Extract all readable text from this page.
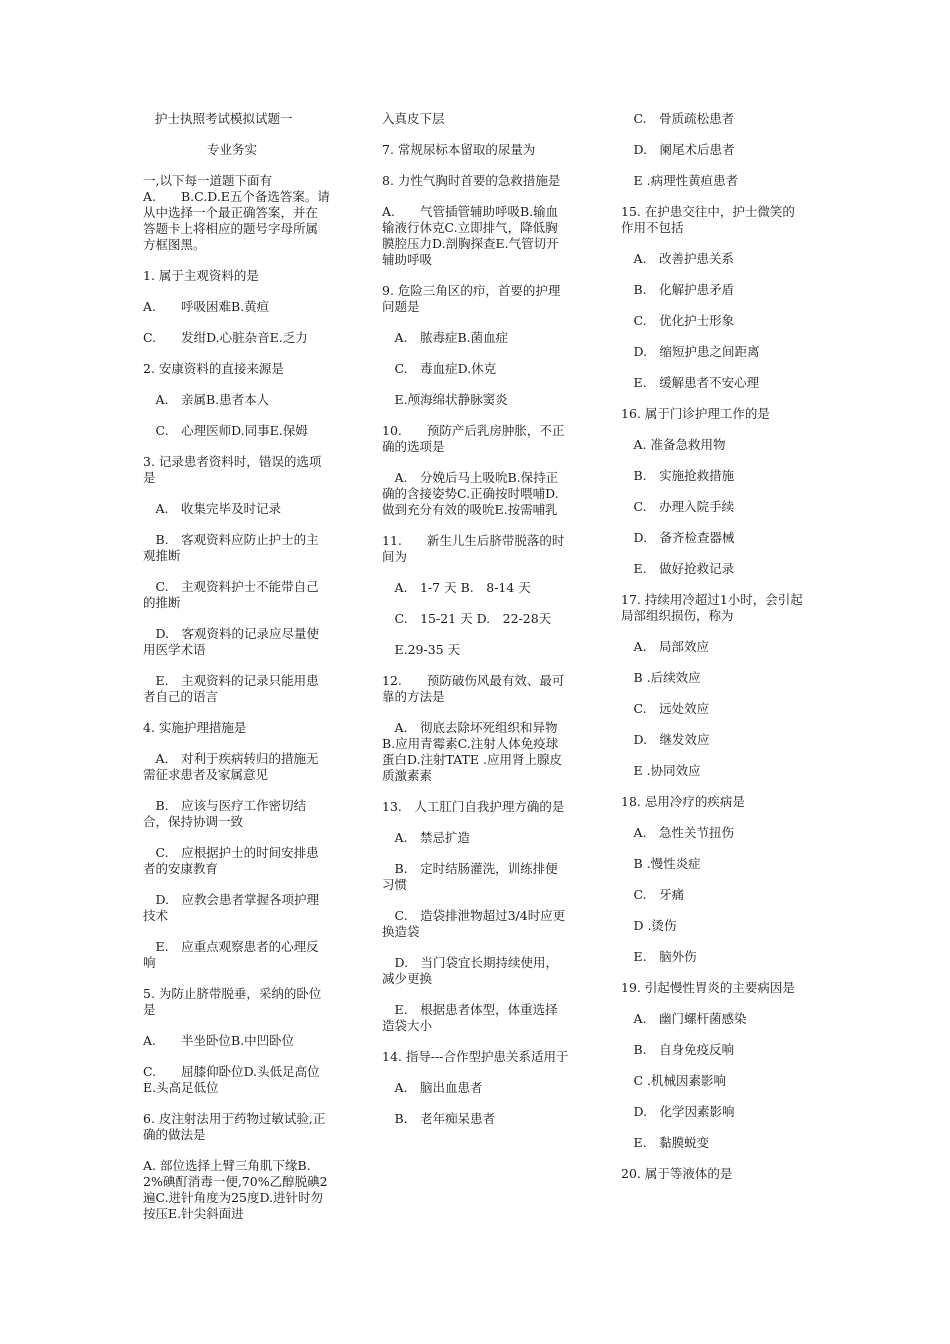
护士执照考试模拟试题一

专业务实

一,以下每一道题下面有
A.　　B.C.D.E五个备选答案。请从中选择一个最正确答案，并在答题卡上将相应的题号字母所属方框图黑。

1. 属于主观资料的是

A.　　呼吸困难B.黄疸

C.　　发绀D.心脏杂音E.乏力

2. 安康资料的直接来源是

　A.　亲属B.患者本人

　C.　心理医师D.同事E.保姆

3. 记录患者资料时，错误的选项是

　A.　收集完毕及时记录

　B.　客观资料应防止护士的主观推断

　C.　主观资料护士不能带自己的推断

　D.　客观资料的记录应尽量使用医学术语

　E.　主观资料的记录只能用患者自己的语言

4. 实施护理措施是

　A.　对利于疾病转归的措施无需征求患者及家属意见

　B.　应该与医疗工作密切结合，保持协调一致

　C.　应根据护士的时间安排患者的安康教育

　D.　应教会患者掌握各项护理技术

　E.　应重点观察患者的心理反响

5. 为防止脐带脱垂，采纳的卧位是

A.　　半坐卧位B.中凹卧位

C.　　屈膝仰卧位D.头低足高位E.头高足低位

6. 皮注射法用于药物过敏试验,正确的做法是

A. 部位选择上臂三角肌下缘B. 2%碘酊消毒一便,70%乙醇脱碘2遍C.进针角度为25度D.进针时勿按压E.针尖斜面进

入真皮下层

7. 常规尿标本留取的尿量为

8. 力性气胸时首要的急救措施是

A.　　气管插管辅助呼吸B.输血输液行休克C.立即排气，降低胸膜腔压力D.剖胸探查E.气管切开辅助呼吸

9. 危险三角区的疖，首要的护理问题是

　A.　脓毒症B.菌血症

　C.　毒血症D.休克

　E.颅海绵状静脉窦炎

10.　　预防产后乳房肿胀，不正确的选项是

　A.　分娩后马上吸吮B.保持正确的含接姿势C.正确按时喂哺D.做到充分有效的吸吮E.按需哺乳

11.　　新生儿生后脐带脱落的时间为

　A.　1-7 天 B.　8-14 天

　C.　15-21 天 D.　22-28天

　E.29-35 天

12.　　预防破伤风最有效、最可靠的方法是

　A.　彻底去除坏死组织和异物B.应用青霉素C.注射人体免疫球蛋白D.注射TATE .应用肾上腺皮质激素素

13.　人工肛门自我护理方确的是

　A.　禁忌扩造

　B.　定时结肠灌洗，训练排便习惯

　C.　造袋排泄物超过3/4时应更换造袋

　D.　当门袋宜长期持续使用，减少更换

　E.　根据患者体型，体重选择造袋大小

14. 指导---合作型护患关系适用于

　A.　脑出血患者

　B.　老年痴呆患者

　C.　骨质疏松患者

　D.　阑尾术后患者

　E .病理性黄疸患者

15. 在护患交往中，护士微笑的作用不包括

　A.　改善护患关系

　B.　化解护患矛盾

　C.　优化护士形象

　D.　缩短护患之间距离

　E.　缓解患者不安心理

16. 属于门诊护理工作的是

　A. 准备急救用物

　B.　实施抢救措施

　C.　办理入院手续

　D.　备齐检查器械

　E.　做好抢救记录

17. 持续用冷超过1小时，会引起局部组织损伤，称为

　A.　局部效应

　B .后续效应

　C.　远处效应

　D.　继发效应

　E .协同效应

18. 忌用冷疗的疾病是

　A.　急性关节扭伤

　B .慢性炎症

　C.　牙痛

　D .烫伤

　E.　脑外伤

19. 引起慢性胃炎的主要病因是

　A.　幽门螺杆菌感染

　B.　自身免疫反响

　C .机械因素影响

　D.　化学因素影响

　E.　黏膜蜕变

20. 属于等液体的是
